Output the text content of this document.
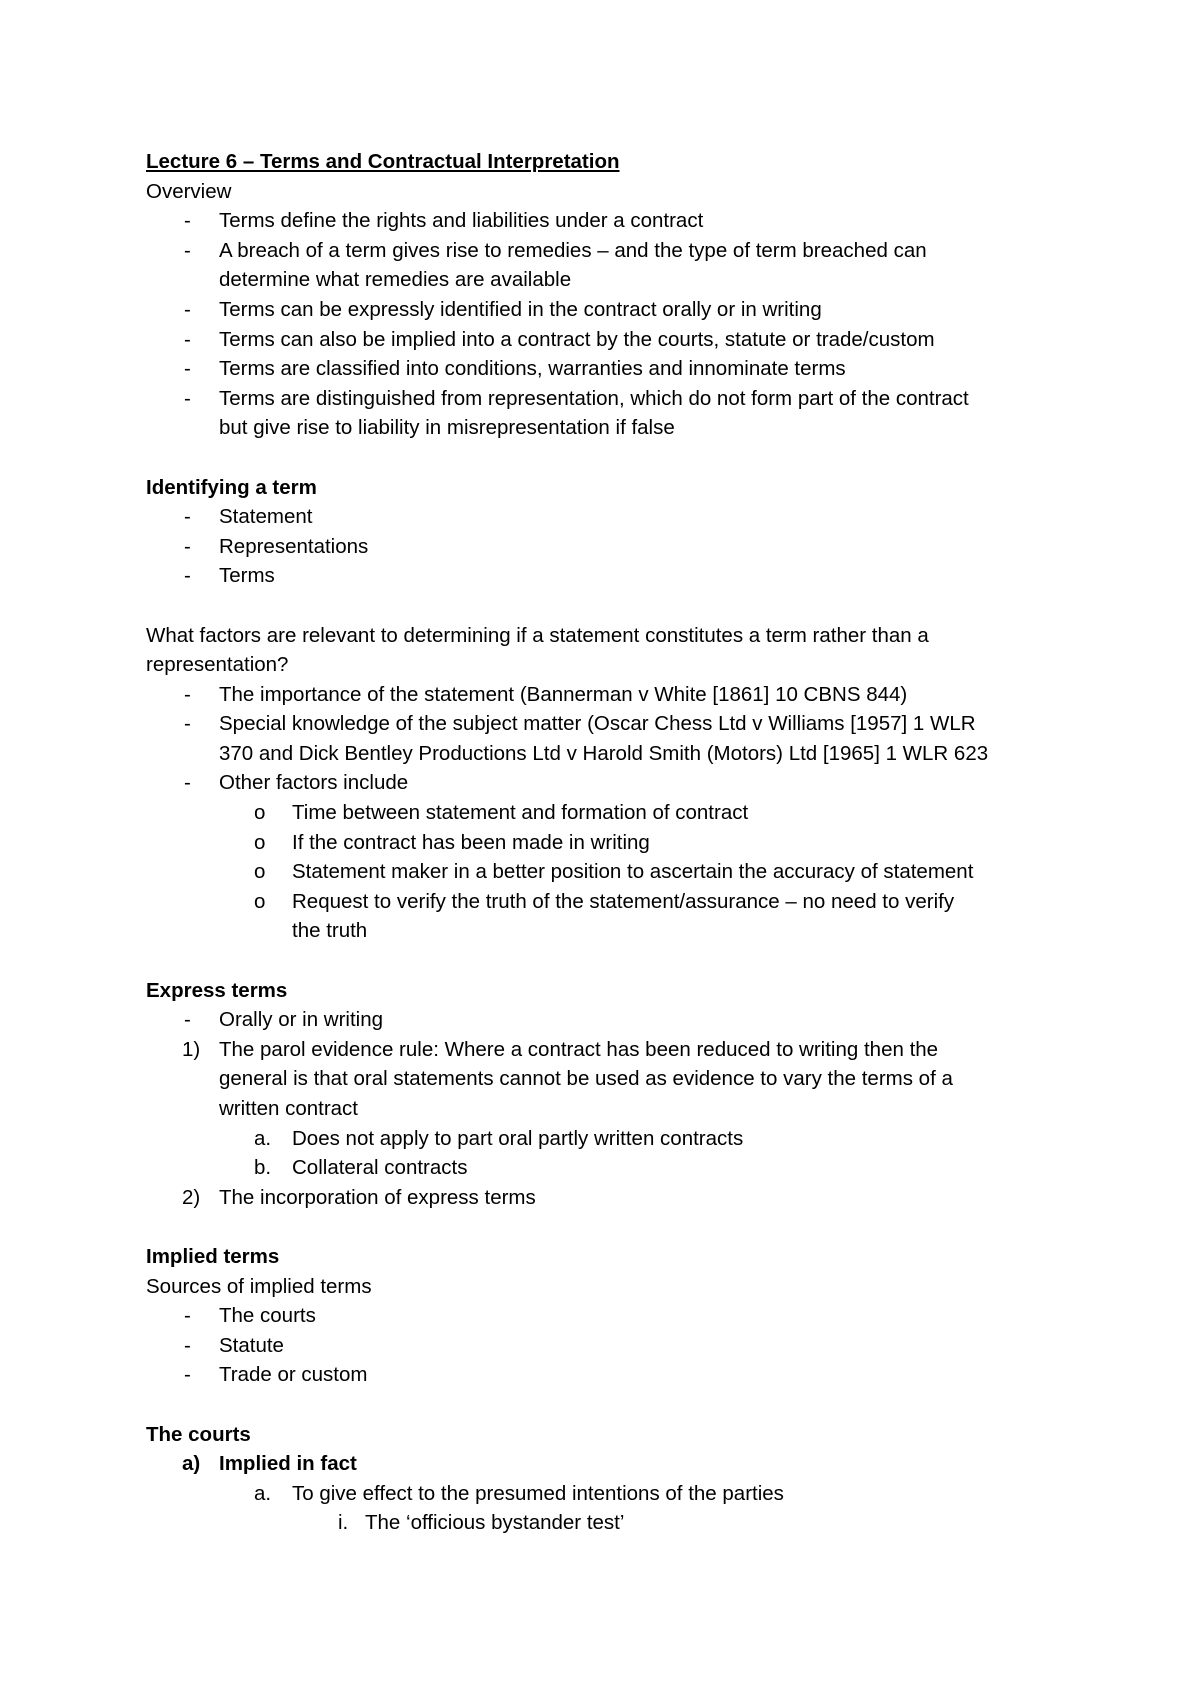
Lecture 6 – Terms and Contractual Interpretation
Overview
- Terms define the rights and liabilities under a contract
- A breach of a term gives rise to remedies – and the type of term breached can
determine what remedies are available
- Terms can be expressly identified in the contract orally or in writing
- Terms can also be implied into a contract by the courts, statute or trade/custom
- Terms are classified into conditions, warranties and innominate terms
- Terms are distinguished from representation, which do not form part of the contract
but give rise to liability in misrepresentation if false
Identifying a term
- Statement
- Representations
- Terms
What factors are relevant to determining if a statement constitutes a term rather than a
representation?
- The importance of the statement (Bannerman v White [1861] 10 CBNS 844)
- Special knowledge of the subject matter (Oscar Chess Ltd v Williams [1957] 1 WLR
370 and Dick Bentley Productions Ltd v Harold Smith (Motors) Ltd [1965] 1 WLR 623
- Other factors include
o Time between statement and formation of contract
o If the contract has been made in writing
o Statement maker in a better position to ascertain the accuracy of statement
o Request to verify the truth of the statement/assurance – no need to verify
the truth
Express terms
- Orally or in writing
1) The parol evidence rule: Where a contract has been reduced to writing then the
general is that oral statements cannot be used as evidence to vary the terms of a
written contract
a. Does not apply to part oral partly written contracts
b. Collateral contracts
2) The incorporation of express terms
Implied terms
Sources of implied terms
- The courts
- Statute
- Trade or custom
The courts
a) Implied in fact
a. To give effect to the presumed intentions of the parties
i. The ‘officious bystander test’
